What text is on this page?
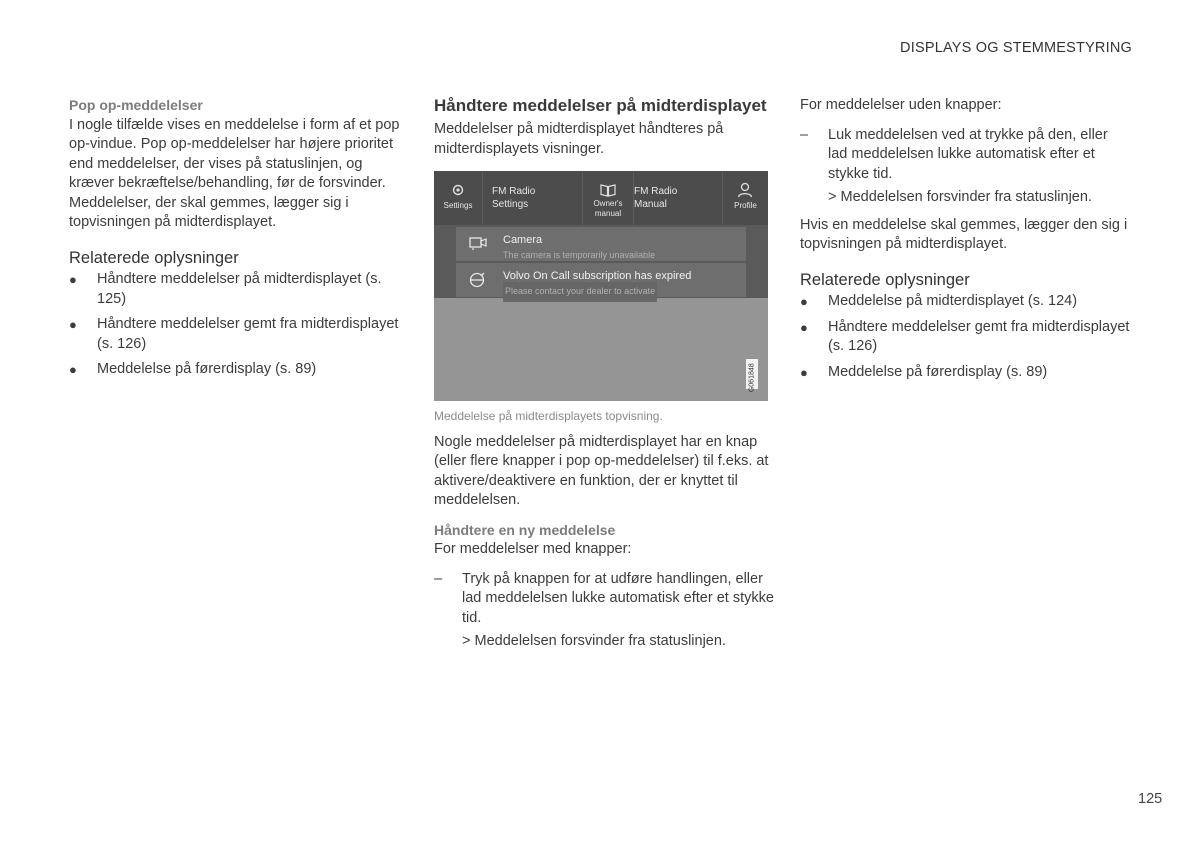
DISPLAYS OG STEMMESTYRING

Pop op-meddelelser

I nogle tilfælde vises en meddelelse i form af et pop op-vindue. Pop op-meddelelser har højere prioritet end meddelelser, der vises på statuslinjen, og kræver bekræftelse/behandling, før de forsvinder. Meddelelser, der skal gemmes, lægger sig i topvisningen på midterdisplayet.

Relaterede oplysninger

● Håndtere meddelelser på midterdisplayet (s. 125)
● Håndtere meddelelser gemt fra midterdisplayet (s. 126)
● Meddelelse på førerdisplay (s. 89)

Håndtere meddelelser på midterdisplayet

Meddelelser på midterdisplayet håndteres på midterdisplayets visninger.

Settings
FM Radio
Settings	Owner's manual
FM Radio
Manual	Profile
Camera
The camera is temporarily unavailable
Volvo On Call subscription has expired
Please contact your dealer to activate
G061848

Meddelelse på midterdisplayets topvisning.

Nogle meddelelser på midterdisplayet har en knap (eller flere knapper i pop op-meddelelser) til f.eks. at aktivere/deaktivere en funktion, der er knyttet til meddelelsen.

Håndtere en ny meddelelse

For meddelelser med knapper:

– Tryk på knappen for at udføre handlingen, eller lad meddelelsen lukke automatisk efter et stykke tid.
> Meddelelsen forsvinder fra statuslinjen.

For meddelelser uden knapper:

– Luk meddelelsen ved at trykke på den, eller lad meddelelsen lukke automatisk efter et stykke tid.
> Meddelelsen forsvinder fra statuslinjen.

Hvis en meddelelse skal gemmes, lægger den sig i topvisningen på midterdisplayet.

Relaterede oplysninger

● Meddelelse på midterdisplayet (s. 124)
● Håndtere meddelelser gemt fra midterdisplayet (s. 126)
● Meddelelse på førerdisplay (s. 89)
125
